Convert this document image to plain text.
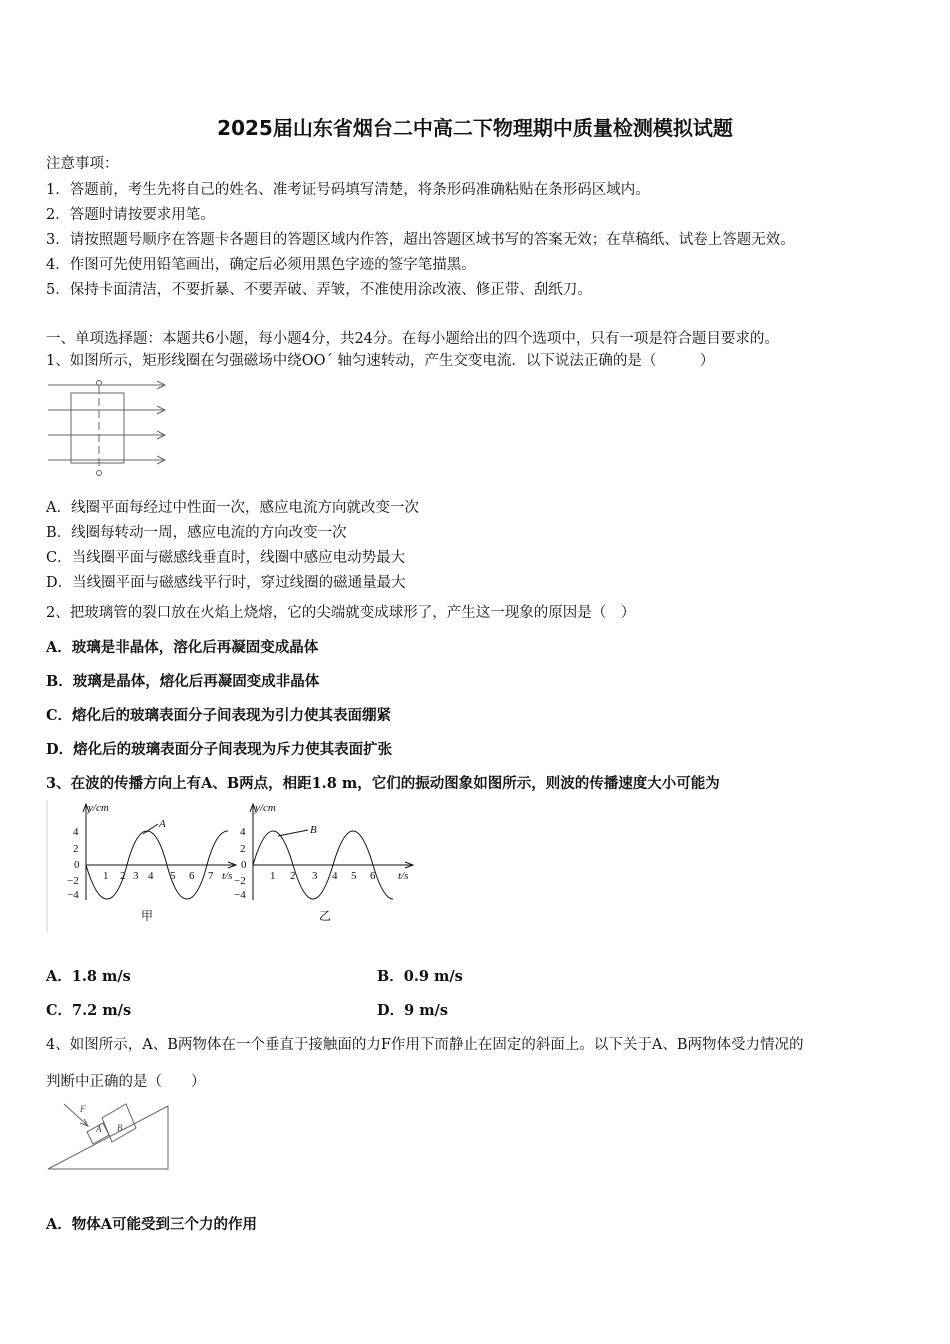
2025届山东省烟台二中高二下物理期中质量检测模拟试题
注意事项：
1．答题前，考生先将自己的姓名、准考证号码填写清楚，将条形码准确粘贴在条形码区域内。
2．答题时请按要求用笔。
3．请按照题号顺序在答题卡各题目的答题区域内作答，超出答题区域书写的答案无效；在草稿纸、试卷上答题无效。
4．作图可先使用铅笔画出，确定后必须用黑色字迹的签字笔描黑。
5．保持卡面清洁，不要折暴、不要弄破、弄皱，不准使用涂改液、修正带、刮纸刀。
一、单项选择题：本题共6小题，每小题4分，共24分。在每小题给出的四个选项中，只有一项是符合题目要求的。
1、如图所示，矩形线圈在匀强磁场中绕OO´ 轴匀速转动，产生交变电流．以下说法正确的是（　　　）
A．线圈平面每经过中性面一次，感应电流方向就改变一次
B．线圈每转动一周，感应电流的方向改变一次
C．当线圈平面与磁感线垂直时，线圈中感应电动势最大
D．当线圈平面与磁感线平行时，穿过线圈的磁通量最大
2、把玻璃管的裂口放在火焰上烧熔，它的尖端就变成球形了，产生这一现象的原因是（　）
A．玻璃是非晶体，溶化后再凝固变成晶体
B．玻璃是晶体，熔化后再凝固变成非晶体
C．熔化后的玻璃表面分子间表现为引力使其表面绷紧
D．熔化后的玻璃表面分子间表现为斥力使其表面扩张
3、在波的传播方向上有A、B两点，相距1.8 m，它们的振动图象如图所示，则波的传播速度大小可能为
y/cm
A
4
2
0
−2
−4
1 2 3 4 5 6 7 t/s
甲
y/cm
B
4
2
0
−2
−4
1 2 3 4 5 6 t/s
乙
A．1.8 m/s	B．0.9 m/s
C．7.2 m/s	D．9 m/s
4、如图所示，A、B两物体在一个垂直于接触面的力F作用下而静止在固定的斜面上。以下关于A、B两物体受力情况的
判断中正确的是（　　）
F
A B
A．物体A可能受到三个力的作用
